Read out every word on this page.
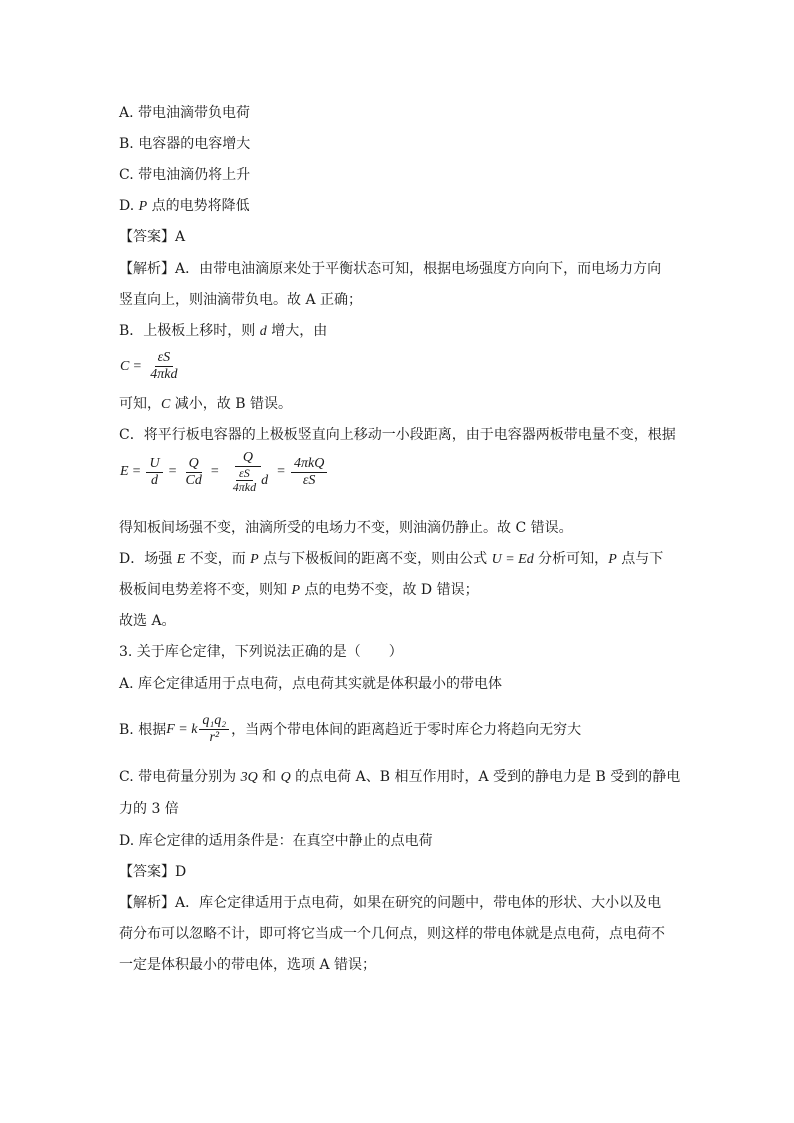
A. 带电油滴带负电荷
B. 电容器的电容增大
C. 带电油滴仍将上升
D. P 点的电势将降低
【答案】A
【解析】A．由带电油滴原来处于平衡状态可知，根据电场强度方向向下，而电场力方向
竖直向上，则油滴带负电。故 A 正确；
B．上极板上移时，则 d 增大，由
$C = \frac{\varepsilon S}{\text{4πkd}}$
可知，C 减小，故 B 错误。
C．将平行板电容器的上极板竖直向上移动一小段距离，由于电容器两板带电量不变，根据
$E = \frac{U}{d} = \frac{Q}{Cd} = \frac{Q}{\frac{\varepsilon S}{\text{4πkd}} d} = \frac{\text{4πkQ}}{\varepsilon S}$
得知板间场强不变，油滴所受的电场力不变，则油滴仍静止。故 C 错误。
D．场强 E 不变，而 P 点与下极板间的距离不变，则由公式 U = Ed 分析可知，P 点与下
极板间电势差将不变，则知 P 点的电势不变，故 D 错误；
故选 A。
3. 关于库仑定律，下列说法正确的是（　　）
A. 库仑定律适用于点电荷，点电荷其实就是体积最小的带电体
B. 根据 F = k $\frac{\text{q₁q₂}}{\text{r²}}$ ，当两个带电体间的距离趋近于零时库仑力将趋向无穷大
C. 带电荷量分别为 3Q 和 Q 的点电荷 A、B 相互作用时，A 受到的静电力是 B 受到的静电
力的 3 倍
D. 库仑定律的适用条件是：在真空中静止的点电荷
【答案】D
【解析】A．库仑定律适用于点电荷，如果在研究的问题中，带电体的形状、大小以及电
荷分布可以忽略不计，即可将它当成一个几何点，则这样的带电体就是点电荷，点电荷不
一定是体积最小的带电体，选项 A 错误；
